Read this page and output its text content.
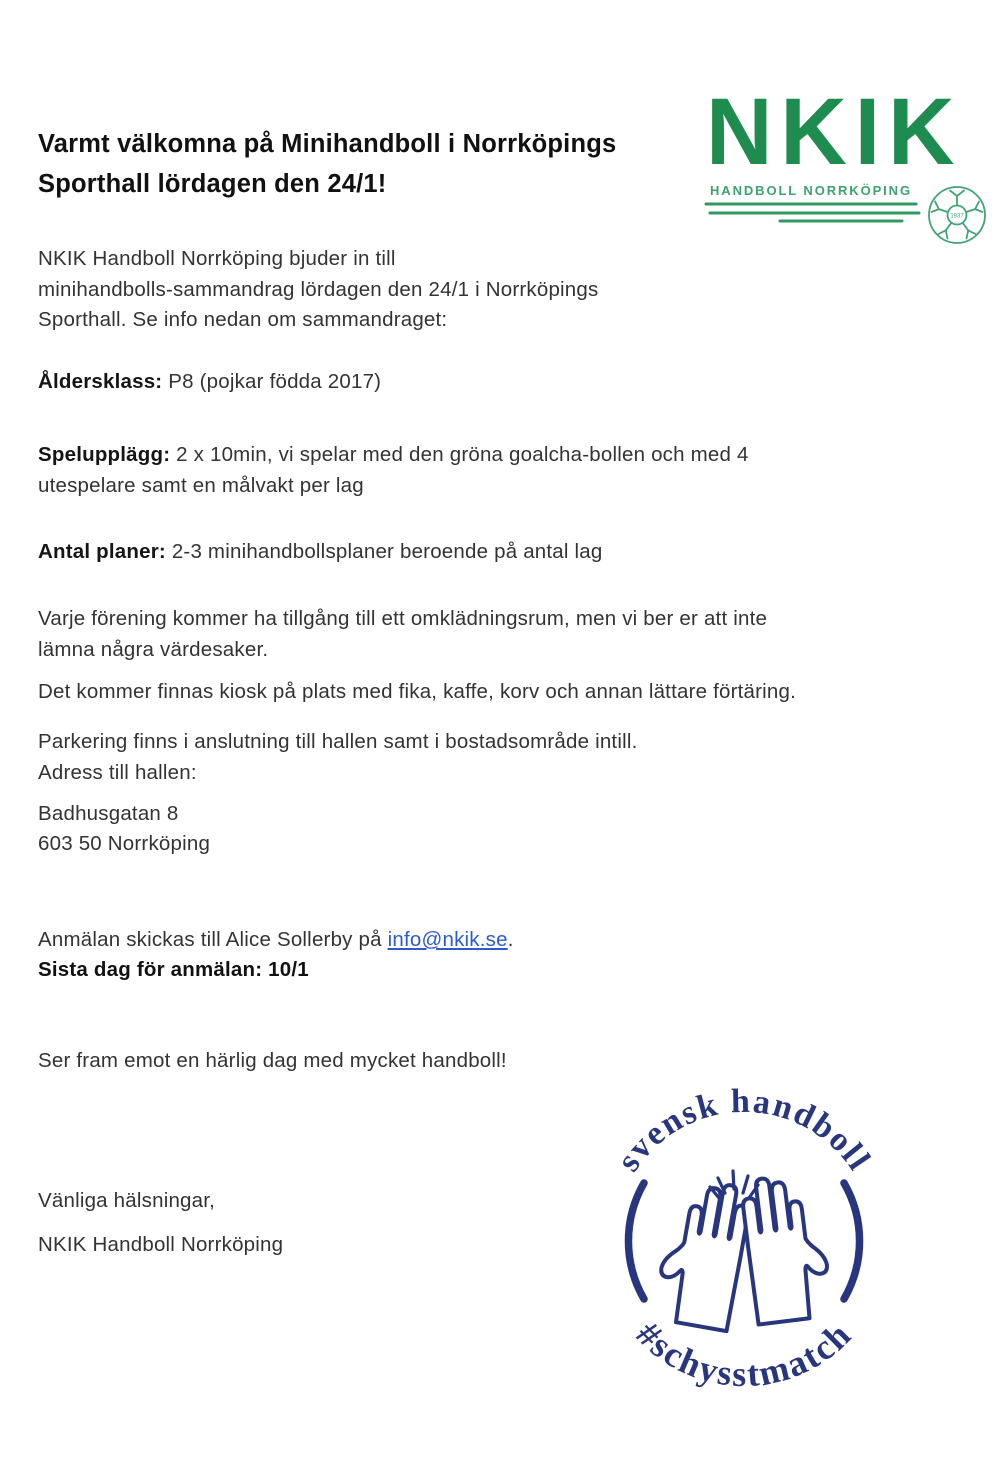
Varmt välkomna på Minihandboll i Norrköpings
Sporthall lördagen den 24/1!	NKIK
HANDBOLL NORRKÖPING
1937
NKIK Handboll Norrköping bjuder in till
minihandbolls-sammandrag lördagen den 24/1 i Norrköpings
Sporthall. Se info nedan om sammandraget:
Åldersklass: P8 (pojkar födda 2017)
Spelupplägg: 2 x 10min, vi spelar med den gröna goalcha-bollen och med 4
utespelare samt en målvakt per lag
Antal planer: 2-3 minihandbollsplaner beroende på antal lag
Varje förening kommer ha tillgång till ett omklädningsrum, men vi ber er att inte
lämna några värdesaker.
Det kommer finnas kiosk på plats med fika, kaffe, korv och annan lättare förtäring.
Parkering finns i anslutning till hallen samt i bostadsområde intill.
Adress till hallen:
Badhusgatan 8
603 50 Norrköping
Anmälan skickas till Alice Sollerby på info@nkik.se.
Sista dag för anmälan: 10/1
Ser fram emot en härlig dag med mycket handboll!
Vänliga hälsningar,
NKIK Handboll Norrköping
svensk handboll
#schysstmatch
